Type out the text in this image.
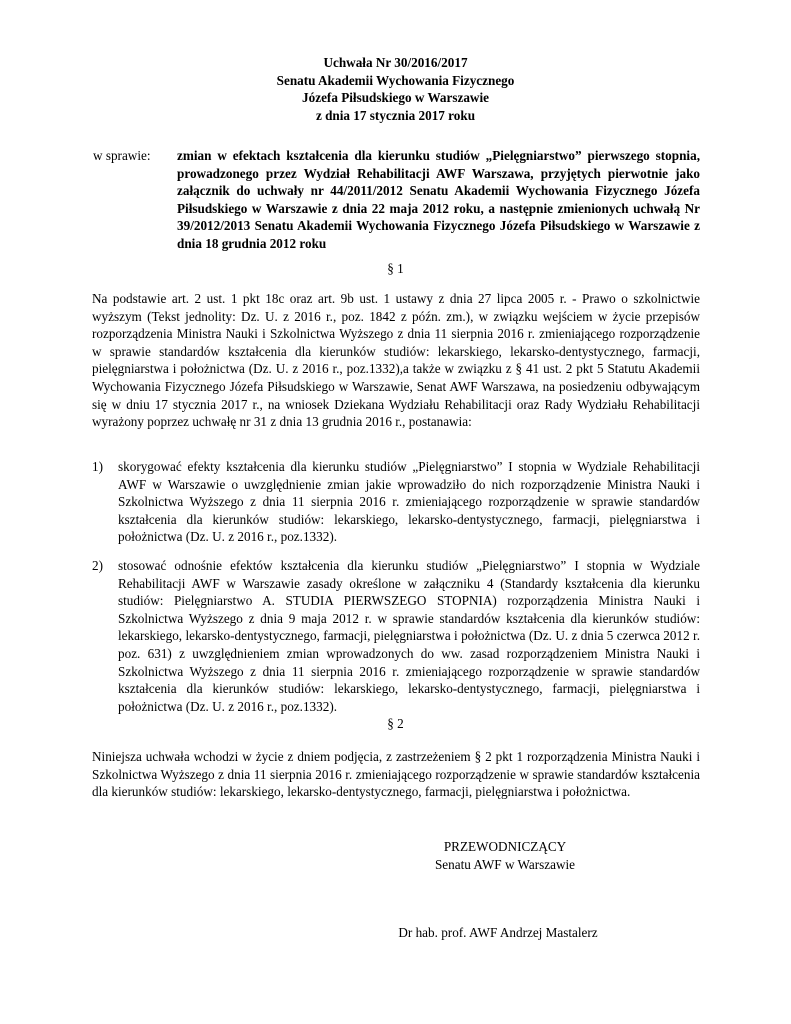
Uchwała Nr 30/2016/2017
Senatu Akademii Wychowania Fizycznego
Józefa Piłsudskiego w Warszawie
z dnia 17 stycznia 2017 roku
w sprawie: zmian w efektach kształcenia dla kierunku studiów „Pielęgniarstwo” pierwszego stopnia, prowadzonego przez Wydział Rehabilitacji AWF Warszawa, przyjętych pierwotnie jako załącznik do uchwały nr 44/2011/2012 Senatu Akademii Wychowania Fizycznego Józefa Piłsudskiego w Warszawie z dnia 22 maja 2012 roku, a następnie zmienionych uchwałą Nr 39/2012/2013 Senatu Akademii Wychowania Fizycznego Józefa Piłsudskiego w Warszawie z dnia 18 grudnia 2012 roku
§ 1
Na podstawie art. 2 ust. 1 pkt 18c oraz art. 9b ust. 1 ustawy z dnia 27 lipca 2005 r. - Prawo o szkolnictwie wyższym (Tekst jednolity: Dz. U. z 2016 r., poz. 1842 z późn. zm.), w związku wejściem w życie przepisów rozporządzenia Ministra Nauki i Szkolnictwa Wyższego z dnia 11 sierpnia 2016 r. zmieniającego rozporządzenie w sprawie standardów kształcenia dla kierunków studiów: lekarskiego, lekarsko-dentystycznego, farmacji, pielęgniarstwa i położnictwa (Dz. U. z 2016 r., poz.1332),a także w związku z § 41 ust. 2 pkt 5 Statutu Akademii Wychowania Fizycznego Józefa Piłsudskiego w Warszawie, Senat AWF Warszawa, na posiedzeniu odbywającym się w dniu 17 stycznia 2017 r., na wniosek Dziekana Wydziału Rehabilitacji oraz Rady Wydziału Rehabilitacji wyrażony poprzez uchwałę nr 31 z dnia 13 grudnia 2016 r., postanawia:
1) skorygować efekty kształcenia dla kierunku studiów „Pielęgniarstwo” I stopnia w Wydziale Rehabilitacji AWF w Warszawie o uwzględnienie zmian jakie wprowadziło do nich rozporządzenie Ministra Nauki i Szkolnictwa Wyższego z dnia 11 sierpnia 2016 r. zmieniającego rozporządzenie w sprawie standardów kształcenia dla kierunków studiów: lekarskiego, lekarsko-dentystycznego, farmacji, pielęgniarstwa i położnictwa (Dz. U. z 2016 r., poz.1332).
2) stosować odnośnie efektów kształcenia dla kierunku studiów „Pielęgniarstwo” I stopnia w Wydziale Rehabilitacji AWF w Warszawie zasady określone w załączniku 4 (Standardy kształcenia dla kierunku studiów: Pielęgniarstwo A. STUDIA PIERWSZEGO STOPNIA) rozporządzenia Ministra Nauki i Szkolnictwa Wyższego z dnia 9 maja 2012 r. w sprawie standardów kształcenia dla kierunków studiów: lekarskiego, lekarsko-dentystycznego, farmacji, pielęgniarstwa i położnictwa (Dz. U. z dnia 5 czerwca 2012 r. poz. 631) z uwzględnieniem zmian wprowadzonych do ww. zasad rozporządzeniem Ministra Nauki i Szkolnictwa Wyższego z dnia 11 sierpnia 2016 r. zmieniającego rozporządzenie w sprawie standardów kształcenia dla kierunków studiów: lekarskiego, lekarsko-dentystycznego, farmacji, pielęgniarstwa i położnictwa (Dz. U. z 2016 r., poz.1332).
§ 2
Niniejsza uchwała wchodzi w życie z dniem podjęcia, z zastrzeżeniem § 2 pkt 1 rozporządzenia Ministra Nauki i Szkolnictwa Wyższego z dnia 11 sierpnia 2016 r. zmieniającego rozporządzenie w sprawie standardów kształcenia dla kierunków studiów: lekarskiego, lekarsko-dentystycznego, farmacji, pielęgniarstwa i położnictwa.
PRZEWODNICZĄCY
Senatu AWF w Warszawie
Dr hab. prof. AWF Andrzej Mastalerz
